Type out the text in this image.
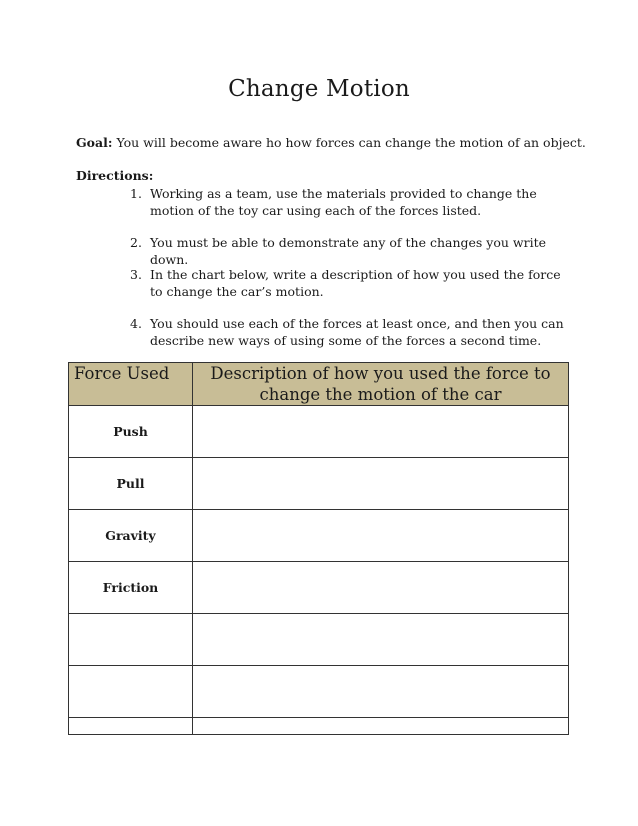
Change Motion

Goal: You will become aware ho how forces can change the motion of an object.

Directions:

1. Working as a team, use the materials provided to change the motion of the toy car using each of the forces listed.
2. You must be able to demonstrate any of the changes you write down.
3. In the chart below, write a description of how you used the force to change the car’s motion.
4. You should use each of the forces at least once, and then you can describe new ways of using some of the forces a second time.
Force Used	Description of how you used the force to change the motion of the car
Push	
Pull	
Gravity	
Friction	
